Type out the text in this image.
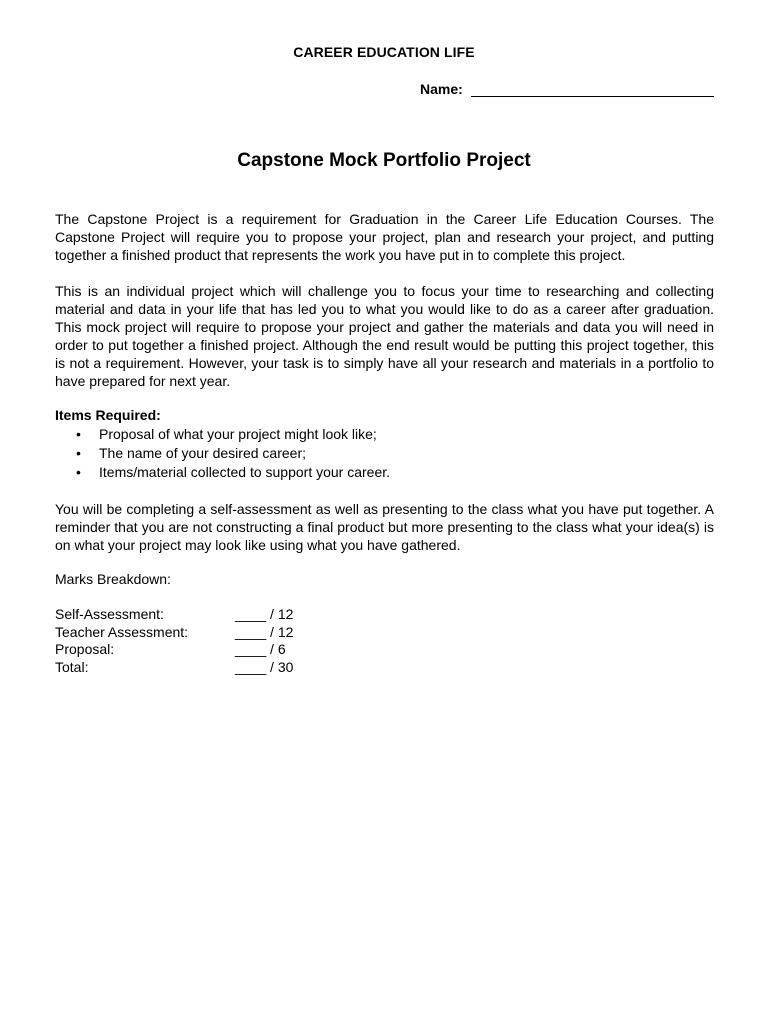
CAREER EDUCATION LIFE
Name:
Capstone Mock Portfolio Project

The Capstone Project is a requirement for Graduation in the Career Life Education Courses. The Capstone Project will require you to propose your project, plan and research your project, and putting together a finished product that represents the work you have put in to complete this project.

This is an individual project which will challenge you to focus your time to researching and collecting material and data in your life that has led you to what you would like to do as a career after graduation. This mock project will require to propose your project and gather the materials and data you will need in order to put together a finished project. Although the end result would be putting this project together, this is not a requirement. However, your task is to simply have all your research and materials in a portfolio to have prepared for next year.

Items Required:
• Proposal of what your project might look like;
• The name of your desired career;
• Items/material collected to support your career.

You will be completing a self-assessment as well as presenting to the class what you have put together. A reminder that you are not constructing a final product but more presenting to the class what your idea(s) is on what your project may look like using what you have gathered.

Marks Breakdown:
Self-Assessment:	____ / 12
Teacher Assessment:	____ / 12
Proposal:	____ / 6
Total:	____ / 30
